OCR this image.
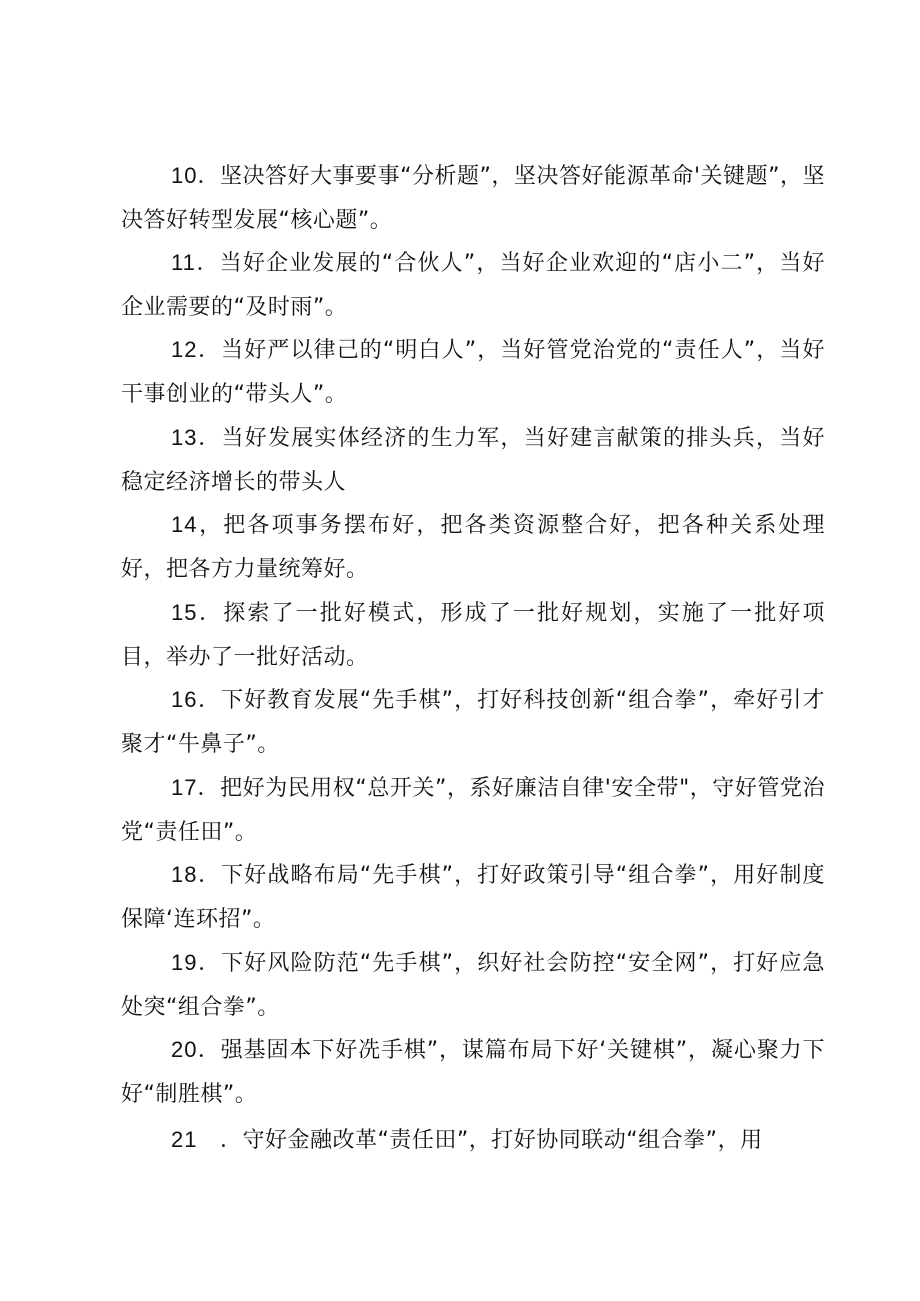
10．坚决答好大事要事“分析题”，坚决答好能源革命'关键题”，坚决答好转型发展“核心题”。

11．当好企业发展的“合伙人”，当好企业欢迎的“店小二”，当好企业需要的“及时雨”。

12．当好严以律己的“明白人”，当好管党治党的“责任人”，当好干事创业的“带头人”。

13．当好发展实体经济的生力军，当好建言献策的排头兵，当好稳定经济增长的带头人

14，把各项事务摆布好，把各类资源整合好，把各种关系处理好，把各方力量统筹好。

15．探索了一批好模式，形成了一批好规划，实施了一批好项目，举办了一批好活动。

16．下好教育发展“先手棋”，打好科技创新“组合拳”，牵好引才聚才“牛鼻子”。

17．把好为民用权“总开关”，系好廉洁自律'安全带"，守好管党治党“责任田”。

18．下好战略布局“先手棋”，打好政策引导“组合拳”，用好制度保障‘连环招”。

19．下好风险防范“先手棋”，织好社会防控“安全网”，打好应急处突“组合拳”。

20．强基固本下好冼手棋”，谋篇布局下好‘关键棋”，凝心聚力下好“制胜棋”。

21　．守好金融改革“责任田”，打好协同联动“组合拳”，用
